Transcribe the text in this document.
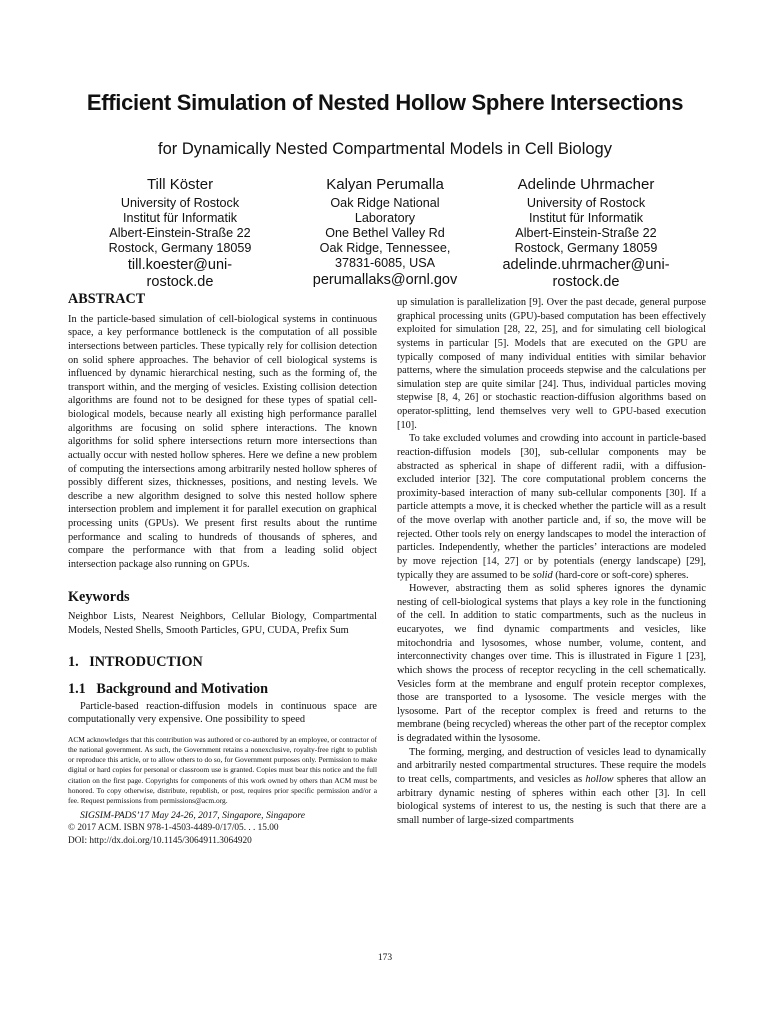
Efficient Simulation of Nested Hollow Sphere Intersections
for Dynamically Nested Compartmental Models in Cell Biology
Till Köster
University of Rostock
Institut für Informatik
Albert-Einstein-Straße 22
Rostock, Germany 18059
till.koester@uni-
rostock.de
Kalyan Perumalla
Oak Ridge National
Laboratory
One Bethel Valley Rd
Oak Ridge, Tennessee,
37831-6085, USA
perumallaks@ornl.gov
Adelinde Uhrmacher
University of Rostock
Institut für Informatik
Albert-Einstein-Straße 22
Rostock, Germany 18059
adelinde.uhrmacher@uni-
rostock.de
ABSTRACT

In the particle-based simulation of cell-biological systems in continuous space, a key performance bottleneck is the computation of all possible intersections between particles. These typically rely for collision detection on solid sphere approaches. The behavior of cell biological systems is influenced by dynamic hierarchical nesting, such as the forming of, the transport within, and the merging of vesicles. Existing collision detection algorithms are found not to be designed for these types of spatial cell-biological models, because nearly all existing high performance parallel algorithms are focusing on solid sphere interactions. The known algorithms for solid sphere intersections return more intersections than actually occur with nested hollow spheres. Here we define a new problem of computing the intersections among arbitrarily nested hollow spheres of possibly different sizes, thicknesses, positions, and nesting levels. We describe a new algorithm designed to solve this nested hollow sphere intersection problem and implement it for parallel execution on graphical processing units (GPUs). We present first results about the runtime performance and scaling to hundreds of thousands of spheres, and compare the performance with that from a leading solid object intersection package also running on GPUs.

Keywords

Neighbor Lists, Nearest Neighbors, Cellular Biology, Compartmental Models, Nested Shells, Smooth Particles, GPU, CUDA, Prefix Sum

1.   INTRODUCTION
1.1   Background and Motivation

Particle-based reaction-diffusion models in continuous space are computationally very expensive. One possibility to speed

ACM acknowledges that this contribution was authored or co-authored by an employee, or contractor of the national government. As such, the Government retains a nonexclusive, royalty-free right to publish or reproduce this article, or to allow others to do so, for Government purposes only. Permission to make digital or hard copies for personal or classroom use is granted. Copies must bear this notice and the full citation on the first page. Copyrights for components of this work owned by others than ACM must be honored. To copy otherwise, distribute, republish, or post, requires prior specific permission and/or a fee. Request permissions from permissions@acm.org.

SIGSIM-PADS’17 May 24-26, 2017, Singapore, Singapore

© 2017 ACM. ISBN 978-1-4503-4489-0/17/05. . . 15.00

DOI: http://dx.doi.org/10.1145/3064911.3064920

up simulation is parallelization [9]. Over the past decade, general purpose graphical processing units (GPU)-based computation has been effectively exploited for simulation [28, 22, 25], and for simulating cell biological systems in particular [5]. Models that are executed on the GPU are typically composed of many individual entities with similar behavior patterns, where the simulation proceeds stepwise and the calculations per simulation step are quite similar [24]. Thus, individual particles moving stepwise [8, 4, 26] or stochastic reaction-diffusion algorithms based on operator-splitting, lend themselves very well to GPU-based execution [10].

To take excluded volumes and crowding into account in particle-based reaction-diffusion models [30], sub-cellular components may be abstracted as spherical in shape of different radii, with a diffusion-excluded interior [32]. The core computational problem concerns the proximity-based interaction of many sub-cellular components [30]. If a particle attempts a move, it is checked whether the particle will as a result of the move overlap with another particle and, if so, the move will be rejected. Other tools rely on energy landscapes to model the interaction of particles. Independently, whether the particles’ interactions are modeled by move rejection [14, 27] or by potentials (energy landscape) [29], typically they are assumed to be solid (hard-core or soft-core) spheres.

However, abstracting them as solid spheres ignores the dynamic nesting of cell-biological systems that plays a key role in the functioning of the cell. In addition to static compartments, such as the nucleus in eucaryotes, we find dynamic compartments and vesicles, like mitochondria and lysosomes, whose number, volume, content, and interconnectivity changes over time. This is illustrated in Figure 1 [23], which shows the process of receptor recycling in the cell schematically. Vesicles form at the membrane and engulf protein receptor complexes, those are transported to a lysosome. The vesicle merges with the lysosome. Part of the receptor complex is freed and returns to the membrane (being recycled) whereas the other part of the receptor complex is degradated within the lysosome.

The forming, merging, and destruction of vesicles lead to dynamically and arbitrarily nested compartmental structures. These require the models to treat cells, compartments, and vesicles as hollow spheres that allow an arbitrary dynamic nesting of spheres within each other [3]. In cell biological systems of interest to us, the nesting is such that there are a small number of large-sized compartments

173
